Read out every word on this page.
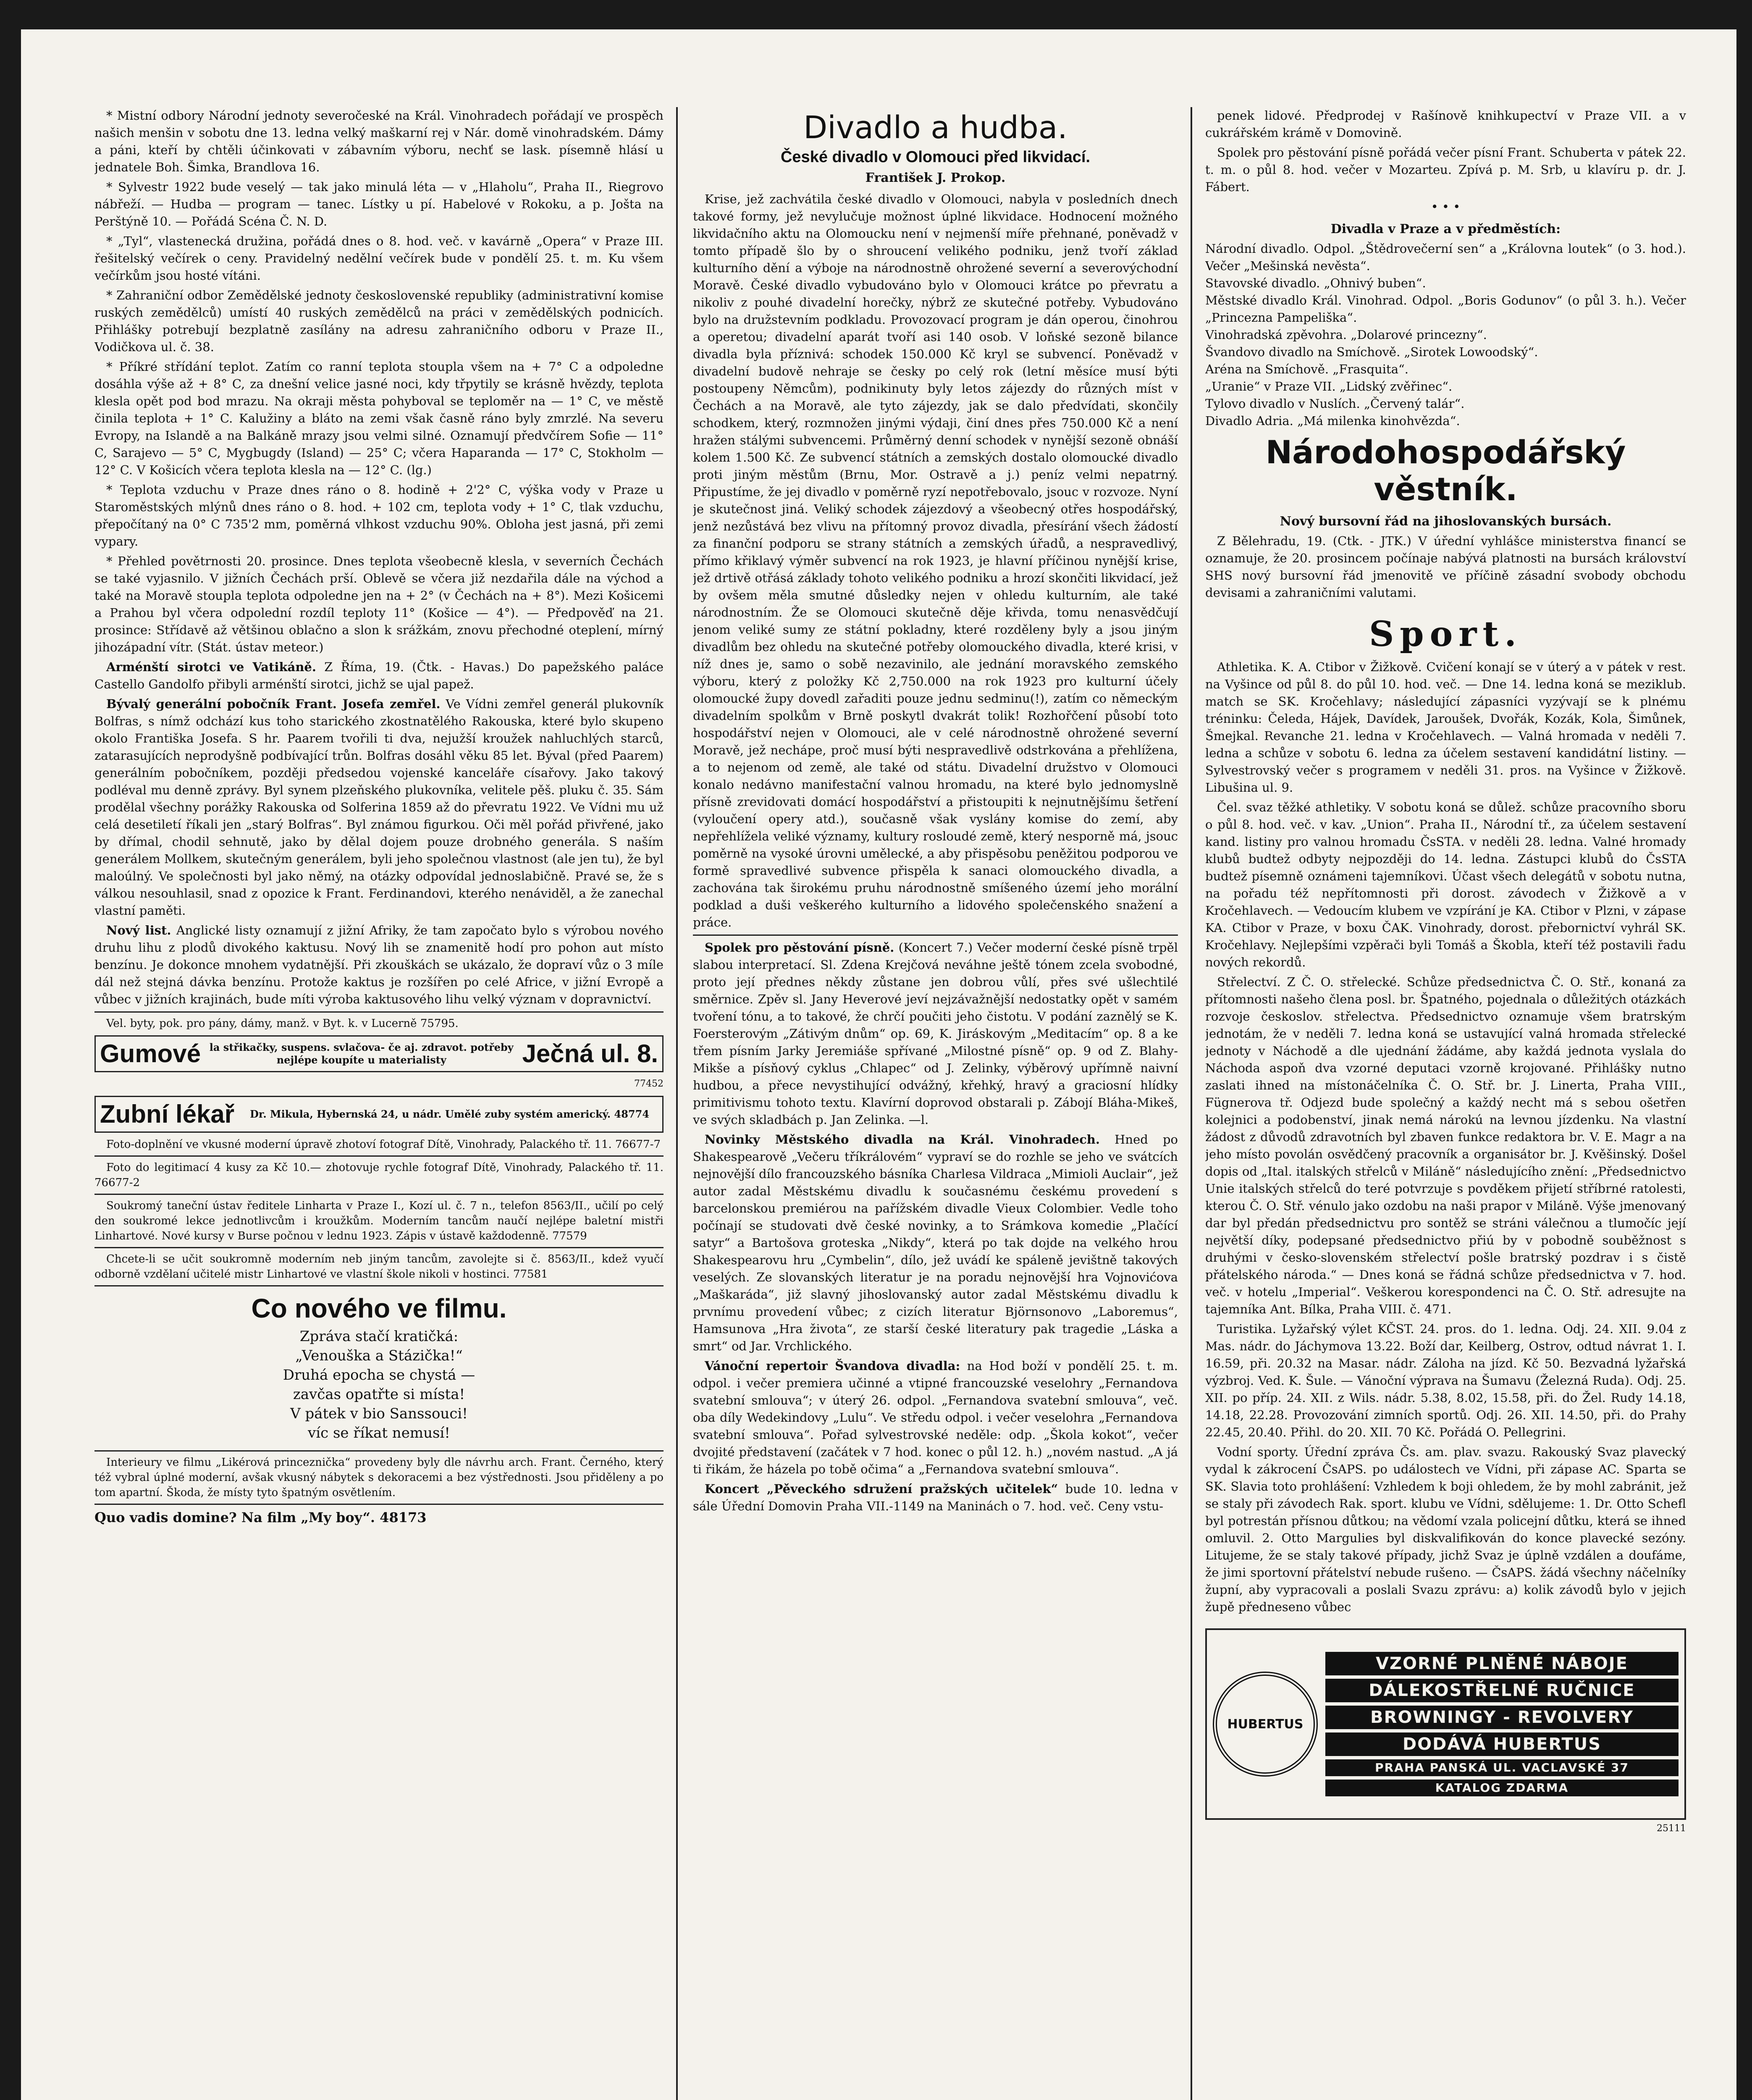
* Mistní odbory Národní jednoty severočeské na Král. Vinohradech pořádají ve prospěch našich menšin v sobotu dne 13. ledna velký maškarní rej v Nár. domě vinohradském. Dámy a páni, kteří by chtěli účinkovati v zábavním výboru, nechť se lask. písemně hlásí u jednatele Boh. Šimka, Brandlova 16.

* Sylvestr 1922 bude veselý — tak jako minulá léta — v „Hlaholu“, Praha II., Riegrovo nábřeží. — Hudba — program — tanec. Lístky u pí. Habelové v Rokoku, a p. Jošta na Perštýně 10. — Pořádá Scéna Č. N. D.

* „Tyl“, vlastenecká družina, pořádá dnes o 8. hod. več. v kavárně „Opera“ v Praze III. řešitelský večírek o ceny. Pravidelný nedělní večírek bude v pondělí 25. t. m. Ku všem večírkům jsou hosté vítáni.

* Zahraniční odbor Zemědělské jednoty československé republiky (administrativní komise ruských zemědělců) umístí 40 ruských zemědělců na práci v zemědělských podnicích. Přihlášky potrebují bezplatně zasílány na adresu zahraničního odboru v Praze II., Vodičkova ul. č. 38.

* Příkré střídání teplot. Zatím co ranní teplota stoupla všem na + 7° C a odpoledne dosáhla výše až + 8° C, za dnešní velice jasné noci, kdy třpytily se krásně hvězdy, teplota klesla opět pod bod mrazu. Na okraji města pohyboval se teploměr na — 1° C, ve městě činila teplota + 1° C. Kalužiny a bláto na zemi však časně ráno byly zmrzlé. Na severu Evropy, na Islandě a na Balkáně mrazy jsou velmi silné. Oznamují předvčírem Sofie — 11° C, Sarajevo — 5° C, Mygbugdy (Island) — 25° C; včera Haparanda — 17° C, Stokholm — 12° C. V Košicích včera teplota klesla na — 12° C. (lg.)

* Teplota vzduchu v Praze dnes ráno o 8. hodině + 2'2° C, výška vody v Praze u Staroměstských mlýnů dnes ráno o 8. hod. + 102 cm, teplota vody + 1° C, tlak vzduchu, přepočítaný na 0° C 735'2 mm, poměrná vlhkost vzduchu 90%. Obloha jest jasná, při zemi vypary.

* Přehled povětrnosti 20. prosince. Dnes teplota všeobecně klesla, v severních Čechách se také vyjasnilo. V jižních Čechách prší. Oblevě se včera již nezdařila dále na východ a také na Moravě stoupla teplota odpoledne jen na + 2° (v Čechách na + 8°). Mezi Košicemi a Prahou byl včera odpolední rozdíl teploty 11° (Košice — 4°). — Předpověď na 21. prosince: Střídavě až většinou oblačno a slon k srážkám, znovu přechodné oteplení, mírný jihozápadní vítr. (Stát. ústav meteor.)

Arménští sirotci ve Vatikáně. Z Říma, 19. (Čtk. - Havas.) Do papežského paláce Castello Gandolfo přibyli arménští sirotci, jichž se ujal papež.

Bývalý generální pobočník Frant. Josefa zemřel. Ve Vídni zemřel generál plukovník Bolfras, s nímž odchází kus toho starického zkostnatělého Rakouska, které bylo skupeno okolo Františka Josefa. S hr. Paarem tvořili ti dva, nejužší kroužek nahluchlých starců, zatarasujících neprodyšně podbívající trůn. Bolfras dosáhl věku 85 let. Býval (před Paarem) generálním pobočníkem, později předsedou vojenské kanceláře císařovy. Jako takový podléval mu denně zprávy. Byl synem plzeňského plukovníka, velitele pěš. pluku č. 35. Sám prodělal všechny porážky Rakouska od Solferina 1859 až do převratu 1922. Ve Vídni mu už celá desetiletí říkali jen „starý Bolfras“. Byl známou figurkou. Oči měl pořád přivřené, jako by dřímal, chodil sehnutě, jako by dělal dojem pouze drobného generála. S naším generálem Mollkem, skutečným generálem, byli jeho společnou vlastnost (ale jen tu), že byl maloúlný. Ve společnosti byl jako němý, na otázky odpovídal jednoslabičně. Pravé se, že s válkou nesouhlasil, snad z opozice k Frant. Ferdinandovi, kterého nenáviděl, a že zanechal vlastní paměti.

Nový list. Anglické listy oznamují z jižní Afriky, že tam započato bylo s výrobou nového druhu lihu z plodů divokého kaktusu. Nový lih se znamenitě hodí pro pohon aut místo benzínu. Je dokonce mnohem vydatnější. Při zkouškách se ukázalo, že dopraví vůz o 3 míle dál než stejná dávka benzínu. Protože kaktus je rozšířen po celé Africe, v jižní Evropě a vůbec v jižních krajinách, bude míti výroba kaktusového lihu velký význam v dopravnictví.

Vel. byty, pok. pro pány, dámy, manž. v Byt. k. v Lucerně 75795.

Gumové la střikačky, suspens. svlačova- če aj. zdravot. potřeby nejlépe koupíte u materialisty	Ječná ul. 8.
77452
Zubní lékař	Dr. Mikula, Hybernská 24, u nádr. Umělé zuby systém americký. 48774

Foto-doplnění ve vkusné moderní úpravě zhotoví fotograf Dítě, Vinohrady, Palackého tř. 11. 76677-7

Foto do legitimací 4 kusy za Kč 10.— zhotovuje rychle fotograf Dítě, Vinohrady, Palackého tř. 11. 76677-2

Soukromý taneční ústav ředitele Linharta v Praze I., Kozí ul. č. 7 n., telefon 8563/II., učilí po celý den soukromé lekce jednotlivcům i kroužkům. Moderním tancům naučí nejlépe baletní mistři Linhartové. Nové kursy v Burse počnou v lednu 1923. Zápis v ústavě každodenně. 77579

Chcete-li se učit soukromně moderním neb jiným tancům, zavolejte si č. 8563/II., kdež vyučí odborně vzdělaní učitelé mistr Linhartové ve vlastní škole nikoli v hostinci. 77581

Co nového ve filmu.
Zpráva stačí kratičká:
„Venouškа a Stázička!“
Druhá epocha se chystá —
zavčas opatřte si místa!
V pátek v bio Sanssouci!
víc se říkat nemusí!

Interieury ve filmu „Likérová princeznička“ provedeny byly dle návrhu arch. Frant. Černého, který též vybral úplné moderní, avšak vkusný nábytek s dekoracemi a bez výstřednosti. Jsou přiděleny a po tom apartní. Škoda, že místy tyto špatným osvětlením.

Quo vadis domine? Na film „My boy“. 48173
Divadlo a hudba.
České divadlo v Olomouci před likvidací.
František J. Prokop.

Krise, jež zachvátila české divadlo v Olomouci, nabyla v posledních dnech takové formy, jež nevylučuje možnost úplné likvidace. Hodnocení možného likvidačního aktu na Olomoucku není v nejmenší míře přehnané, poněvadž v tomto případě šlo by o shroucení velikého podniku, jenž tvoří základ kulturního dění a výboje na národnostně ohrožené severní a severovýchodní Moravě. České divadlo vybudováno bylo v Olomouci krátce po převratu a nikoliv z pouhé divadelní horečky, nýbrž ze skutečné potřeby. Vybudováno bylo na družstevním podkladu. Provozovací program je dán operou, činohrou a operetou; divadelní aparát tvoří asi 140 osob. V loňské sezoně bilance divadla byla příznivá: schodek 150.000 Kč kryl se subvencí. Poněvadž v divadelní budově nehraje se česky po celý rok (letní měsíce musí býti postoupeny Němcům), podnikinuty byly letos zájezdy do různých míst v Čechách a na Moravě, ale tyto zájezdy, jak se dalo předvídati, skončily schodkem, který, rozmnožen jinými výdaji, činí dnes přes 750.000 Kč a není hražen stálými subvencemi. Průměrný denní schodek v nynější sezoně obnáší kolem 1.500 Kč. Ze subvencí státních a zemských dostalo olomoucké divadlo proti jiným městům (Brnu, Mor. Ostravě a j.) peníz velmi nepatrný. Připustíme, že jej divadlo v poměrně ryzí nepotřebovalo, jsouc v rozvoze. Nyní je skutečnost jiná. Veliký schodek zájezdový a všeobecný otřes hospodářský, jenž nezůstává bez vlivu na přítomný provoz divadla, přesírání všech žádostí za finanční podporu se strany státních a zemských úřadů, a nespravedlivý, přímo křiklavý výměr subvencí na rok 1923, je hlavní příčinou nynější krise, jež drtivě otřásá základy tohoto velikého podniku a hrozí skončiti likvidací, jež by ovšem měla smutné důsledky nejen v ohledu kulturním, ale také národnostním. Že se Olomouci skutečně děje křivda, tomu nenasvědčují jenom veliké sumy ze státní pokladny, které rozděleny byly a jsou jiným divadlům bez ohledu na skutečné potřeby olomouckého divadla, které krisi, v níž dnes je, samo o sobě nezavinilo, ale jednání moravského zemského výboru, který z položky Kč 2,750.000 na rok 1923 pro kulturní účely olomoucké župy dovedl zařaditi pouze jednu sedminu(!), zatím co německým divadelním spolkům v Brně poskytl dvakrát tolik! Rozhořčení působí toto hospodářství nejen v Olomouci, ale v celé národnostně ohrožené severní Moravě, jež nechápe, proč musí býti nespravedlivě odstrkována a přehlížena, a to nejenom od země, ale také od státu. Divadelní družstvo v Olomouci konalo nedávno manifestační valnou hromadu, na které bylo jednomyslně přísně zrevidovati domácí hospodářství a přistoupiti k nejnutnějšímu šetření (vyloučení opery atd.), současně však vyslány komise do zemí, aby nepřehlížela veliké významy, kultury rosloudé země, který nesporně má, jsouc poměrně na vysoké úrovni umělecké, a aby přispěsobu peněžitou podporou ve formě spravedlivé subvence přispěla k sanaci olomouckého divadla, a zachována tak širokému pruhu národnostně smíšeného území jeho morální podklad a duši veškerého kulturního a lidového společenského snažení a práce.

Spolek pro pěstování písně. (Koncert 7.) Večer moderní české písně trpěl slabou interpretací. Sl. Zdena Krejčová neváhne ještě tónem zcela svobodné, proto její přednes někdy zůstane jen dobrou vůlí, přes své ušlechtilé směrnice. Zpěv sl. Jany Heverové jeví nejzávažnější nedostatky opět v samém tvoření tónu, a to takové, že chrčí poučiti jeho čistotu. V podání zaznělý se K. Foersterovým „Zátivým dnům“ op. 69, K. Jiráskovým „Meditacím“ op. 8 a ke třem písním Jarky Jeremiáše spřívané „Milostné písně“ op. 9 od Z. Blahy-Mikše a písňový cyklus „Chlapec“ od J. Zelinky, výběrový upřímně naivní hudbou, a přece nevystihující odvážný, křehký, hravý a graciosní hlídky primitivismu tohoto textu. Klavírní doprovod obstarali p. Zábojí Bláha-Mikeš, ve svých skladbách p. Jan Zelinka. —l.

Novinky Městského divadla na Král. Vinohradech. Hned po Shakespearově „Večeru tříkrálovém“ vypraví se do rozhle se jeho ve svátcích nejnovější dílo francouzského básníka Charlesa Vildraca „Mimioli Auclair“, jež autor zadal Městskému divadlu k současnému českému provedení s barcelonskou premiérou na pařížském divadle Vieux Colombier. Vedle toho počínají se studovati dvě české novinky, a to Srámkova komedie „Plačící satyr“ a Bartošova groteska „Nikdy“, která po tak dojde na velkého hrou Shakespearovu hru „Cymbelin“, dílo, jež uvádí ke spáleně jevištně takových veselých. Ze slovanských literatur je na poradu nejnovější hra Vojnovićova „Maškaráda“, již slavný jihoslovanský autor zadal Městskému divadlu k prvnímu provedení vůbec; z cizích literatur Björnsonovo „Laboremus“, Hamsunova „Hra života“, ze starší české literatury pak tragedie „Láska a smrt“ od Jar. Vrchlického.

Vánoční repertoir Švandova divadla: na Hod boží v pondělí 25. t. m. odpol. i večer premiera učinné a vtipné francouzské veselohry „Fernandova svatební smlouva“; v úterý 26. odpol. „Fernandova svatební smlouva“, več. oba díly Wedekindovy „Lulu“. Ve středu odpol. i večer veselohra „Fernandova svatební smlouva“. Pořad sylvestrovské neděle: odp. „Škola kokot“, večer dvojité představení (začátek v 7 hod. konec o půl 12. h.) „novém nastud. „A já ti řikám, že házela po tobě očima“ a „Fernandova svatební smlouva“.

Koncert „Pěveckého sdružení pražských učitelek“ bude 10. ledna v sále Úřední Domovin Praha VII.-1149 na Maninách o 7. hod. več. Ceny vstu-

penek lidové. Předprodej v Rašínově knihkupectví v Praze VII. a v cukrářském krámě v Domovině.

Spolek pro pěstování písně pořádá večer písní Frant. Schuberta v pátek 22. t. m. o půl 8. hod. večer v Mozarteu. Zpívá p. M. Srb, u klavíru p. dr. J. Fábert.

• • •
Divadla v Praze a v předměstích:
Národní divadlo. Odpol. „Štědrovečerní sen“ a „Královna loutek“ (o 3. hod.). Večer „Mešinská nevěsta“.
Stavovské divadlo. „Ohnivý buben“.
Městské divadlo Král. Vinohrad. Odpol. „Boris Godunov“ (o půl 3. h.). Večer „Princezna Pampeliška“.
Vinohradská zpěvohra. „Dolarové princezny“.
Švandovo divadlo na Smíchově. „Sirotek Lowoodský“.
Aréna na Smíchově. „Frasquita“.
„Uranie“ v Praze VII. „Lidský zvěřinec“.
Tylovo divadlo v Nuslích. „Červený talár“.
Divadlo Adria. „Má milenka kinohvězda“.
Národohospodářský věstník.
Nový bursovní řád na jihoslovanských bursách.

Z Bělehradu, 19. (Ctk. - JTK.) V úřední vyhlášce ministerstva financí se oznamuje, že 20. prosincem počínaje nabývá platnosti na bursách království SHS nový bursovní řád jmenovitě ve příčině zásadní svobody obchodu devisami a zahraničními valutami.

Sport.

Athletika. K. A. Ctibor v Žižkově. Cvičení konají se v úterý a v pátek v rest. na Vyšince od půl 8. do půl 10. hod. več. — Dne 14. ledna koná se meziklub. match se SK. Kročehlavy; následující zápasníci vyzývají se k plnému tréninku: Čeleda, Hájek, Davídek, Jaroušek, Dvořák, Kozák, Kola, Šimůnek, Šmejkal. Revanche 21. ledna v Kročehlavech. — Valná hromada v neděli 7. ledna a schůze v sobotu 6. ledna za účelem sestavení kandidátní listiny. — Sylvestrovský večer s programem v neděli 31. pros. na Vyšince v Žižkově. Libušina ul. 9.

Čel. svaz těžké athletiky. V sobotu koná se důlež. schůze pracovního sboru o půl 8. hod. več. v kav. „Union“. Praha II., Národní tř., za účelem sestavení kand. listiny pro valnou hromadu ČsSTA. v neděli 28. ledna. Valné hromady klubů budtež odbyty nejpozději do 14. ledna. Zástupci klubů do ČsSTA budtež písemně oznámeni tajemníkovi. Účast všech delegátů v sobotu nutna, na pořadu též nepřítomnosti při dorost. závodech v Žižkově a v Kročehlavech. — Vedoucím klubem ve vzpírání je KA. Ctibor v Plzni, v zápase KA. Ctibor v Praze, v boxu ČAK. Vinohrady, dorost. přebornictví vyhrál SK. Kročehlavy. Nejlepšími vzpěrači byli Tomáš a Škobla, kteří též postavili řadu nových rekordů.

Střelectví. Z Č. O. střelecké. Schůze předsednictva Č. O. Stř., konaná za přítomnosti našeho člena posl. br. Špatného, pojednala o důležitých otázkách rozvoje českoslov. střelectva. Předsednictvo oznamuje všem bratrským jednotám, že v neděli 7. ledna koná se ustavující valná hromada střelecké jednoty v Náchodě a dle ujednání žádáme, aby každá jednota vyslala do Náchoda aspoň dva vzorné deputaci vzorně krojované. Přihlášky nutno zaslati ihned na místonáčelníka Č. O. Stř. br. J. Linerta, Praha VIII., Fügnerova tř. Odjezd bude společný a každý necht má s sebou ošetřen kolejnici a podobenství, jinak nemá nárokú na levnou jízdenku. Na vlastní žádost z důvodů zdravotních byl zbaven funkce redaktora br. V. E. Magr a na jeho místo povolán osvědčený pracovník a organisátor br. J. Kvěšinský. Došel dopis od „Ital. italských střelců v Miláně“ následujícího znění: „Předsednictvo Unie italských střelců do teré potvrzuje s povděkem přijetí stříbrné ratolesti, kterou Č. O. Stř. vénulo jako ozdobu na naši prapor v Miláně. Výše jmenovaný dar byl předán předsednictvu pro sontěž se stráni válečnou a tlumočíc její největší díky, podepsané předsednictvo přiú by v pobodně souběžnost s druhými v česko-slovenském střelectví pošle bratrský pozdrav i s čistě přátelského národa.“ — Dnes koná se řádná schůze předsednictva v 7. hod. več. v hotelu „Imperial“. Veškerou korespondenci na Č. O. Stř. adresujte na tajemníka Ant. Bílka, Praha VIII. č. 471.

Turistika. Lyžařský výlet KČST. 24. pros. do 1. ledna. Odj. 24. XII. 9.04 z Mas. nádr. do Jáchymova 13.22. Boží dar, Keilberg, Ostrov, odtud návrat 1. I. 16.59, při. 20.32 na Masar. nádr. Záloha na jízd. Kč 50. Bezvadná lyžařská výzbroj. Ved. K. Šule. — Vánoční výprava na Šumavu (Železná Ruda). Odj. 25. XII. po příp. 24. XII. z Wils. nádr. 5.38, 8.02, 15.58, při. do Žel. Rudy 14.18, 14.18, 22.28. Provozování zimních sportů. Odj. 26. XII. 14.50, při. do Prahy 22.45, 20.40. Přihl. do 20. XII. 70 Kč. Pořádá O. Pellegrini.

Vodní sporty. Úřední zpráva Čs. am. plav. svazu. Rakouský Svaz plavecký vydal k zákrocení ČsAPS. po událostech ve Vídni, při zápase AC. Sparta se SK. Slavia toto prohlášení: Vzhledem k boji ohledem, že by mohl zabránit, jež se staly při závodech Rak. sport. klubu ve Vídni, sdělujeme: 1. Dr. Otto Schefl byl potrestán přísnou důtkou; na vědomí vzala policejní důtku, která se ihned omluvil. 2. Otto Margulies byl diskvalifikován do konce plavecké sezóny. Litujeme, že se staly takové případy, jichž Svaz je úplně vzdálen a doufáme, že jimi sportovní přátelství nebude rušeno. — ČsAPS. žádá všechny náčelníky župní, aby vypracovali a poslali Svazu zprávu: a) kolik závodů bylo v jejich župě předneseno vůbec

HUBERTUS
VZORNÉ PLNĚNÉ NÁBOJE
DÁLEKOSTŘELNÉ RUČNICE
BROWNINGY - REVOLVERY
DODÁVÁ HUBERTUS
PRAHA PANSKÁ UL. VACLAVSKÉ 37
KATALOG ZDARMA
25111
